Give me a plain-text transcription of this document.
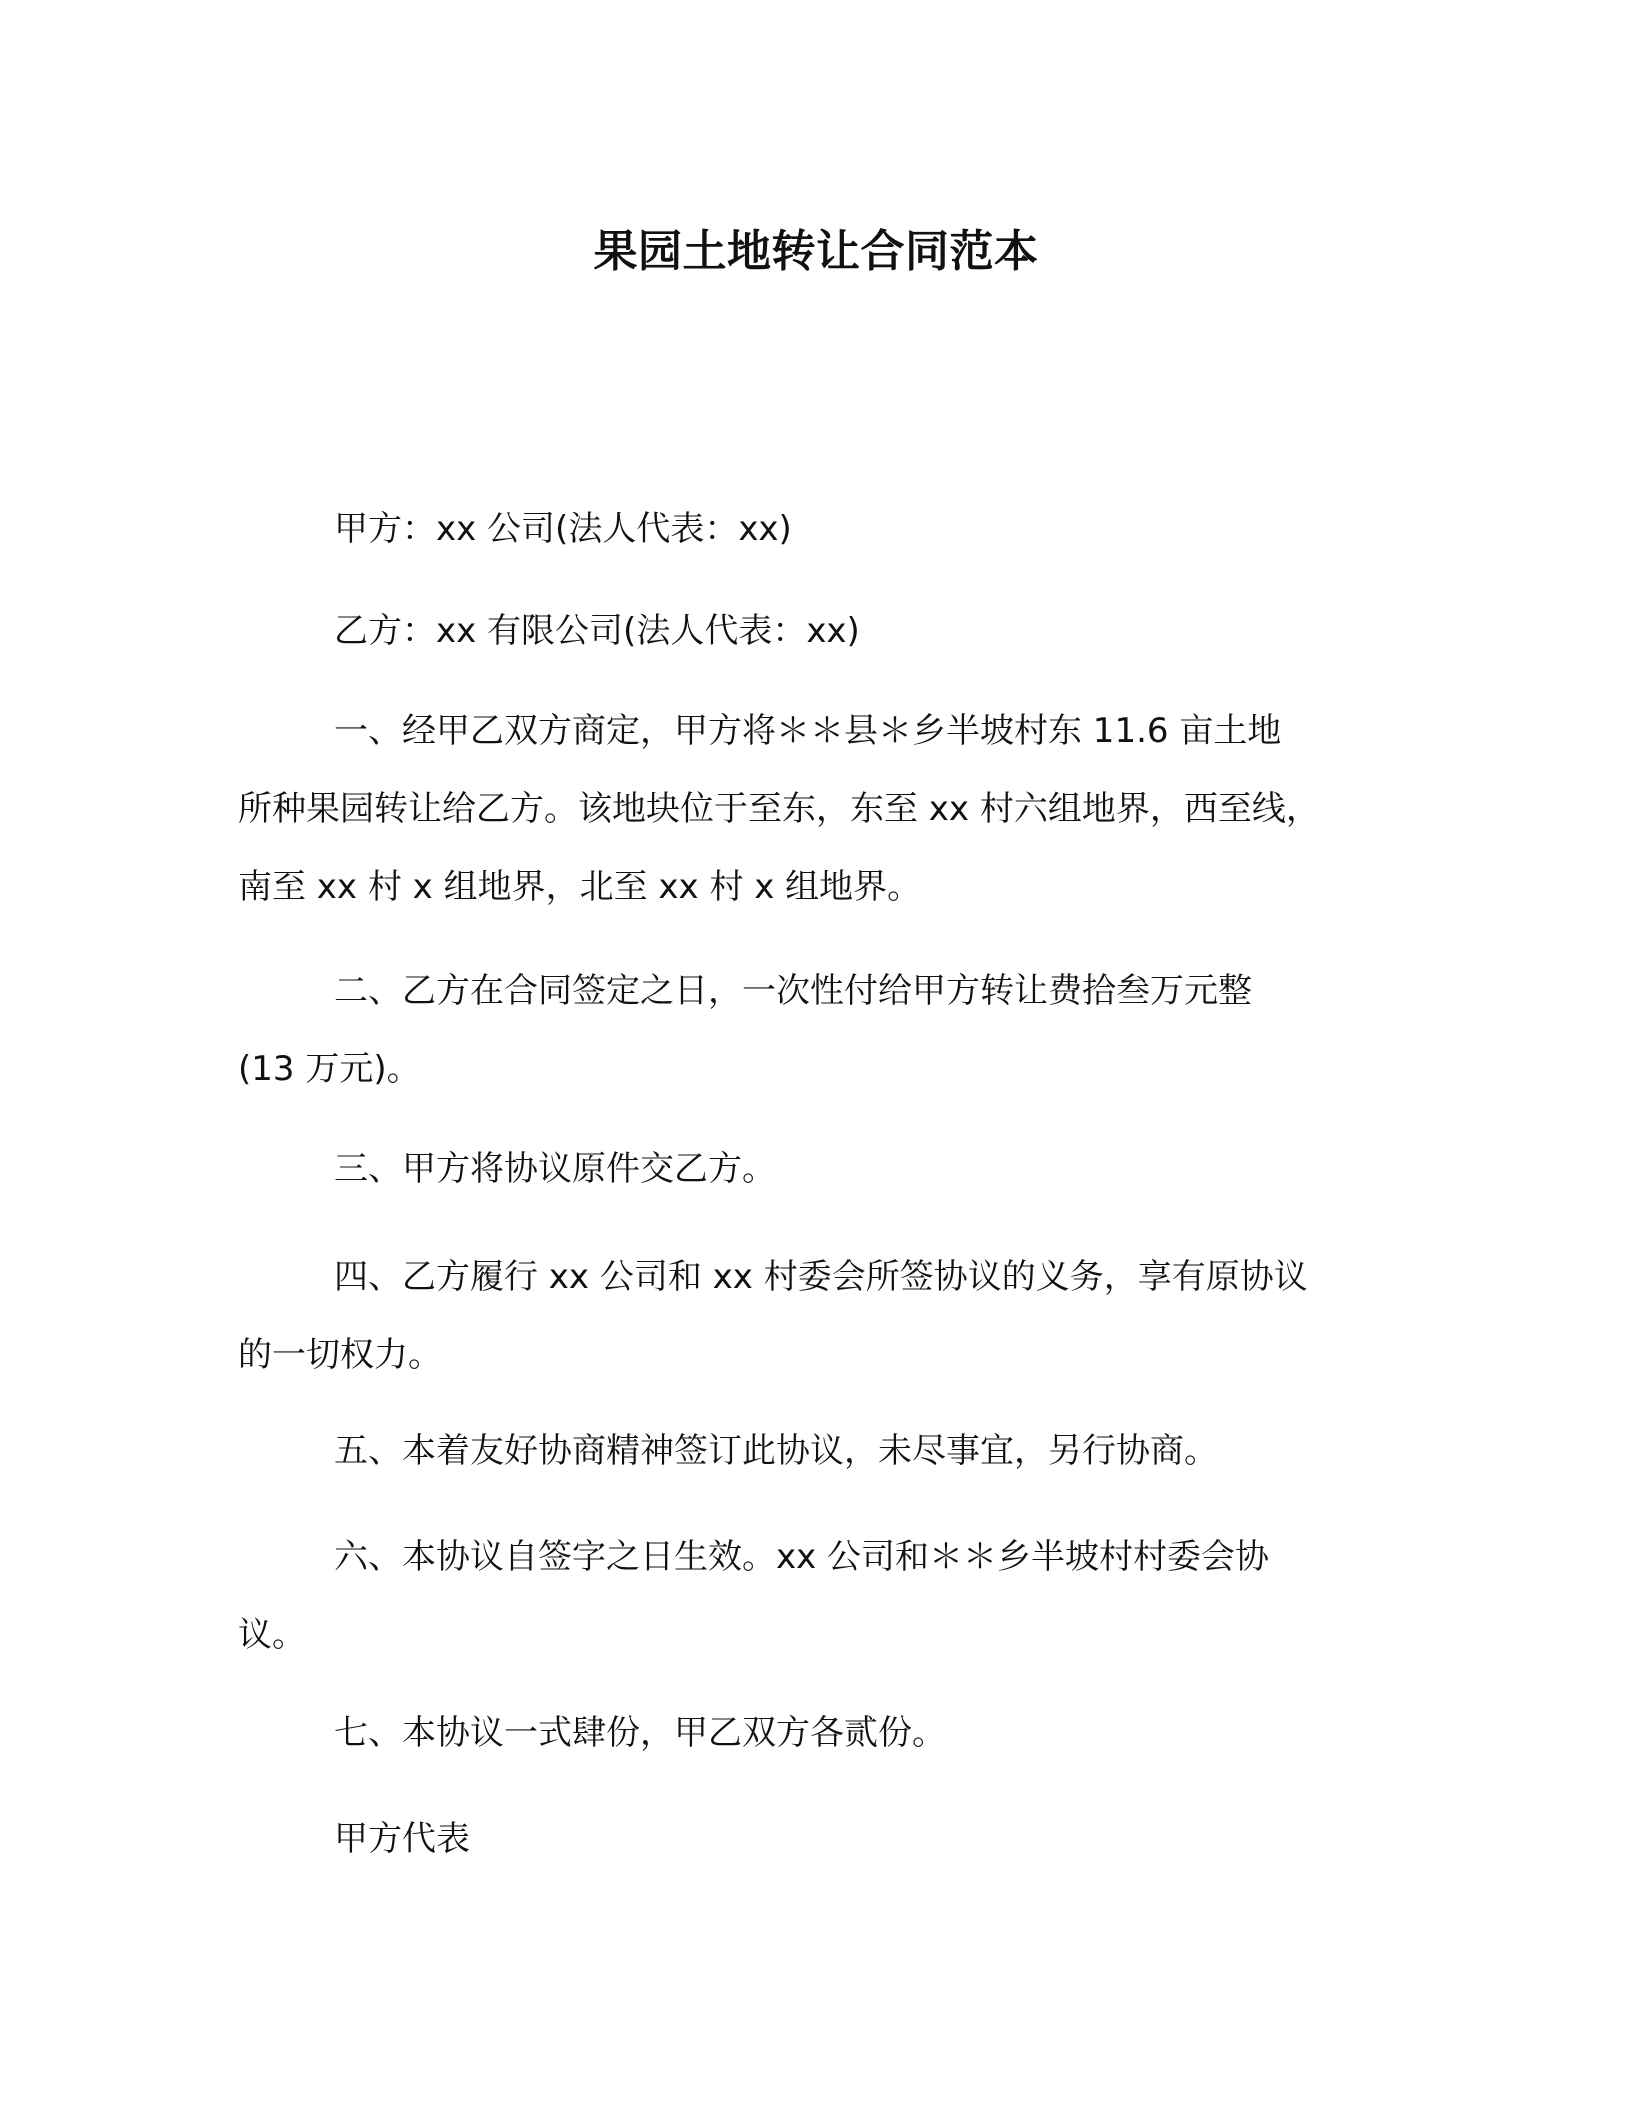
果园土地转让合同范本

甲方：xx 公司(法人代表：xx)

乙方：xx 有限公司(法人代表：xx)

一、经甲乙双方商定，甲方将＊＊县＊乡半坡村东 11.6 亩土地
所种果园转让给乙方。该地块位于至东，东至 xx 村六组地界，西至线，
南至 xx 村 x 组地界，北至 xx 村 x 组地界。

二、乙方在合同签定之日，一次性付给甲方转让费拾叁万元整
(13 万元)。

三、甲方将协议原件交乙方。

四、乙方履行 xx 公司和 xx 村委会所签协议的义务，享有原协议
的一切权力。

五、本着友好协商精神签订此协议，未尽事宜，另行协商。

六、本协议自签字之日生效。xx 公司和＊＊乡半坡村村委会协
议。

七、本协议一式肆份，甲乙双方各贰份。

甲方代表
